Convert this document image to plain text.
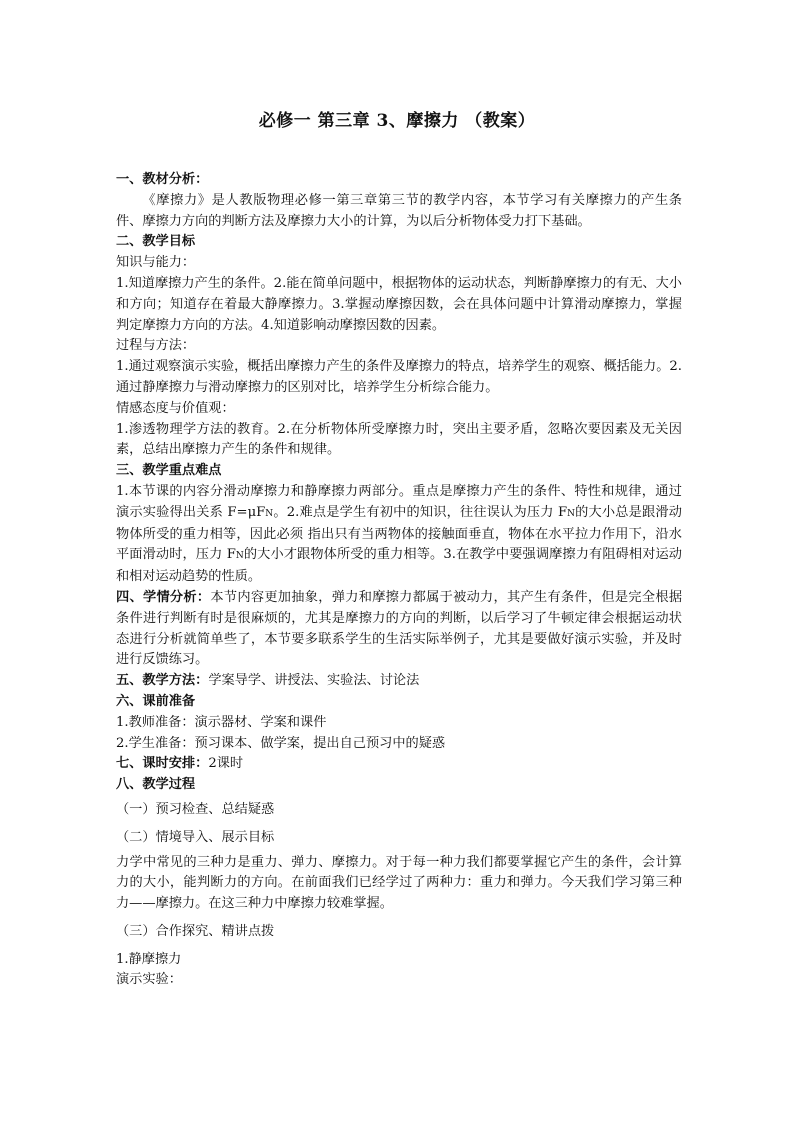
必修一 第三章 3、摩擦力 （教案）

一、教材分析：

《摩擦力》是人教版物理必修一第三章第三节的教学内容，本节学习有关摩擦力的产生条件、摩擦力方向的判断方法及摩擦力大小的计算，为以后分析物体受力打下基础。

二、教学目标

知识与能力：

1.知道摩擦力产生的条件。2.能在简单问题中，根据物体的运动状态，判断静摩擦力的有无、大小和方向；知道存在着最大静摩擦力。3.掌握动摩擦因数，会在具体问题中计算滑动摩擦力，掌握判定摩擦力方向的方法。4.知道影响动摩擦因数的因素。

过程与方法：

1.通过观察演示实验，概括出摩擦力产生的条件及摩擦力的特点，培养学生的观察、概括能力。2.通过静摩擦力与滑动摩擦力的区别对比，培养学生分析综合能力。

情感态度与价值观：

1.渗透物理学方法的教育。2.在分析物体所受摩擦力时，突出主要矛盾，忽略次要因素及无关因素，总结出摩擦力产生的条件和规律。

三、教学重点难点

1.本节课的内容分滑动摩擦力和静摩擦力两部分。重点是摩擦力产生的条件、特性和规律，通过演示实验得出关系 F=μFN。2.难点是学生有初中的知识，往往误认为压力 FN的大小总是跟滑动物体所受的重力相等，因此必须 指出只有当两物体的接触面垂直，物体在水平拉力作用下，沿水平面滑动时，压力 FN的大小才跟物体所受的重力相等。3.在教学中要强调摩擦力有阻碍相对运动和相对运动趋势的性质。

四、学情分析：本节内容更加抽象，弹力和摩擦力都属于被动力，其产生有条件，但是完全根据条件进行判断有时是很麻烦的，尤其是摩擦力的方向的判断，以后学习了牛顿定律会根据运动状态进行分析就简单些了，本节要多联系学生的生活实际举例子，尤其是要做好演示实验，并及时进行反馈练习。

五、教学方法：学案导学、讲授法、实验法、讨论法

六、课前准备

1.教师准备：演示器材、学案和课件

2.学生准备：预习课本、做学案，提出自己预习中的疑惑

七、课时安排：2课时

八、教学过程

（一）预习检查、总结疑惑

（二）情境导入、展示目标

力学中常见的三种力是重力、弹力、摩擦力。对于每一种力我们都要掌握它产生的条件，会计算力的大小，能判断力的方向。在前面我们已经学过了两种力：重力和弹力。今天我们学习第三种力——摩擦力。在这三种力中摩擦力较难掌握。

（三）合作探究、精讲点拨

1.静摩擦力

演示实验：
